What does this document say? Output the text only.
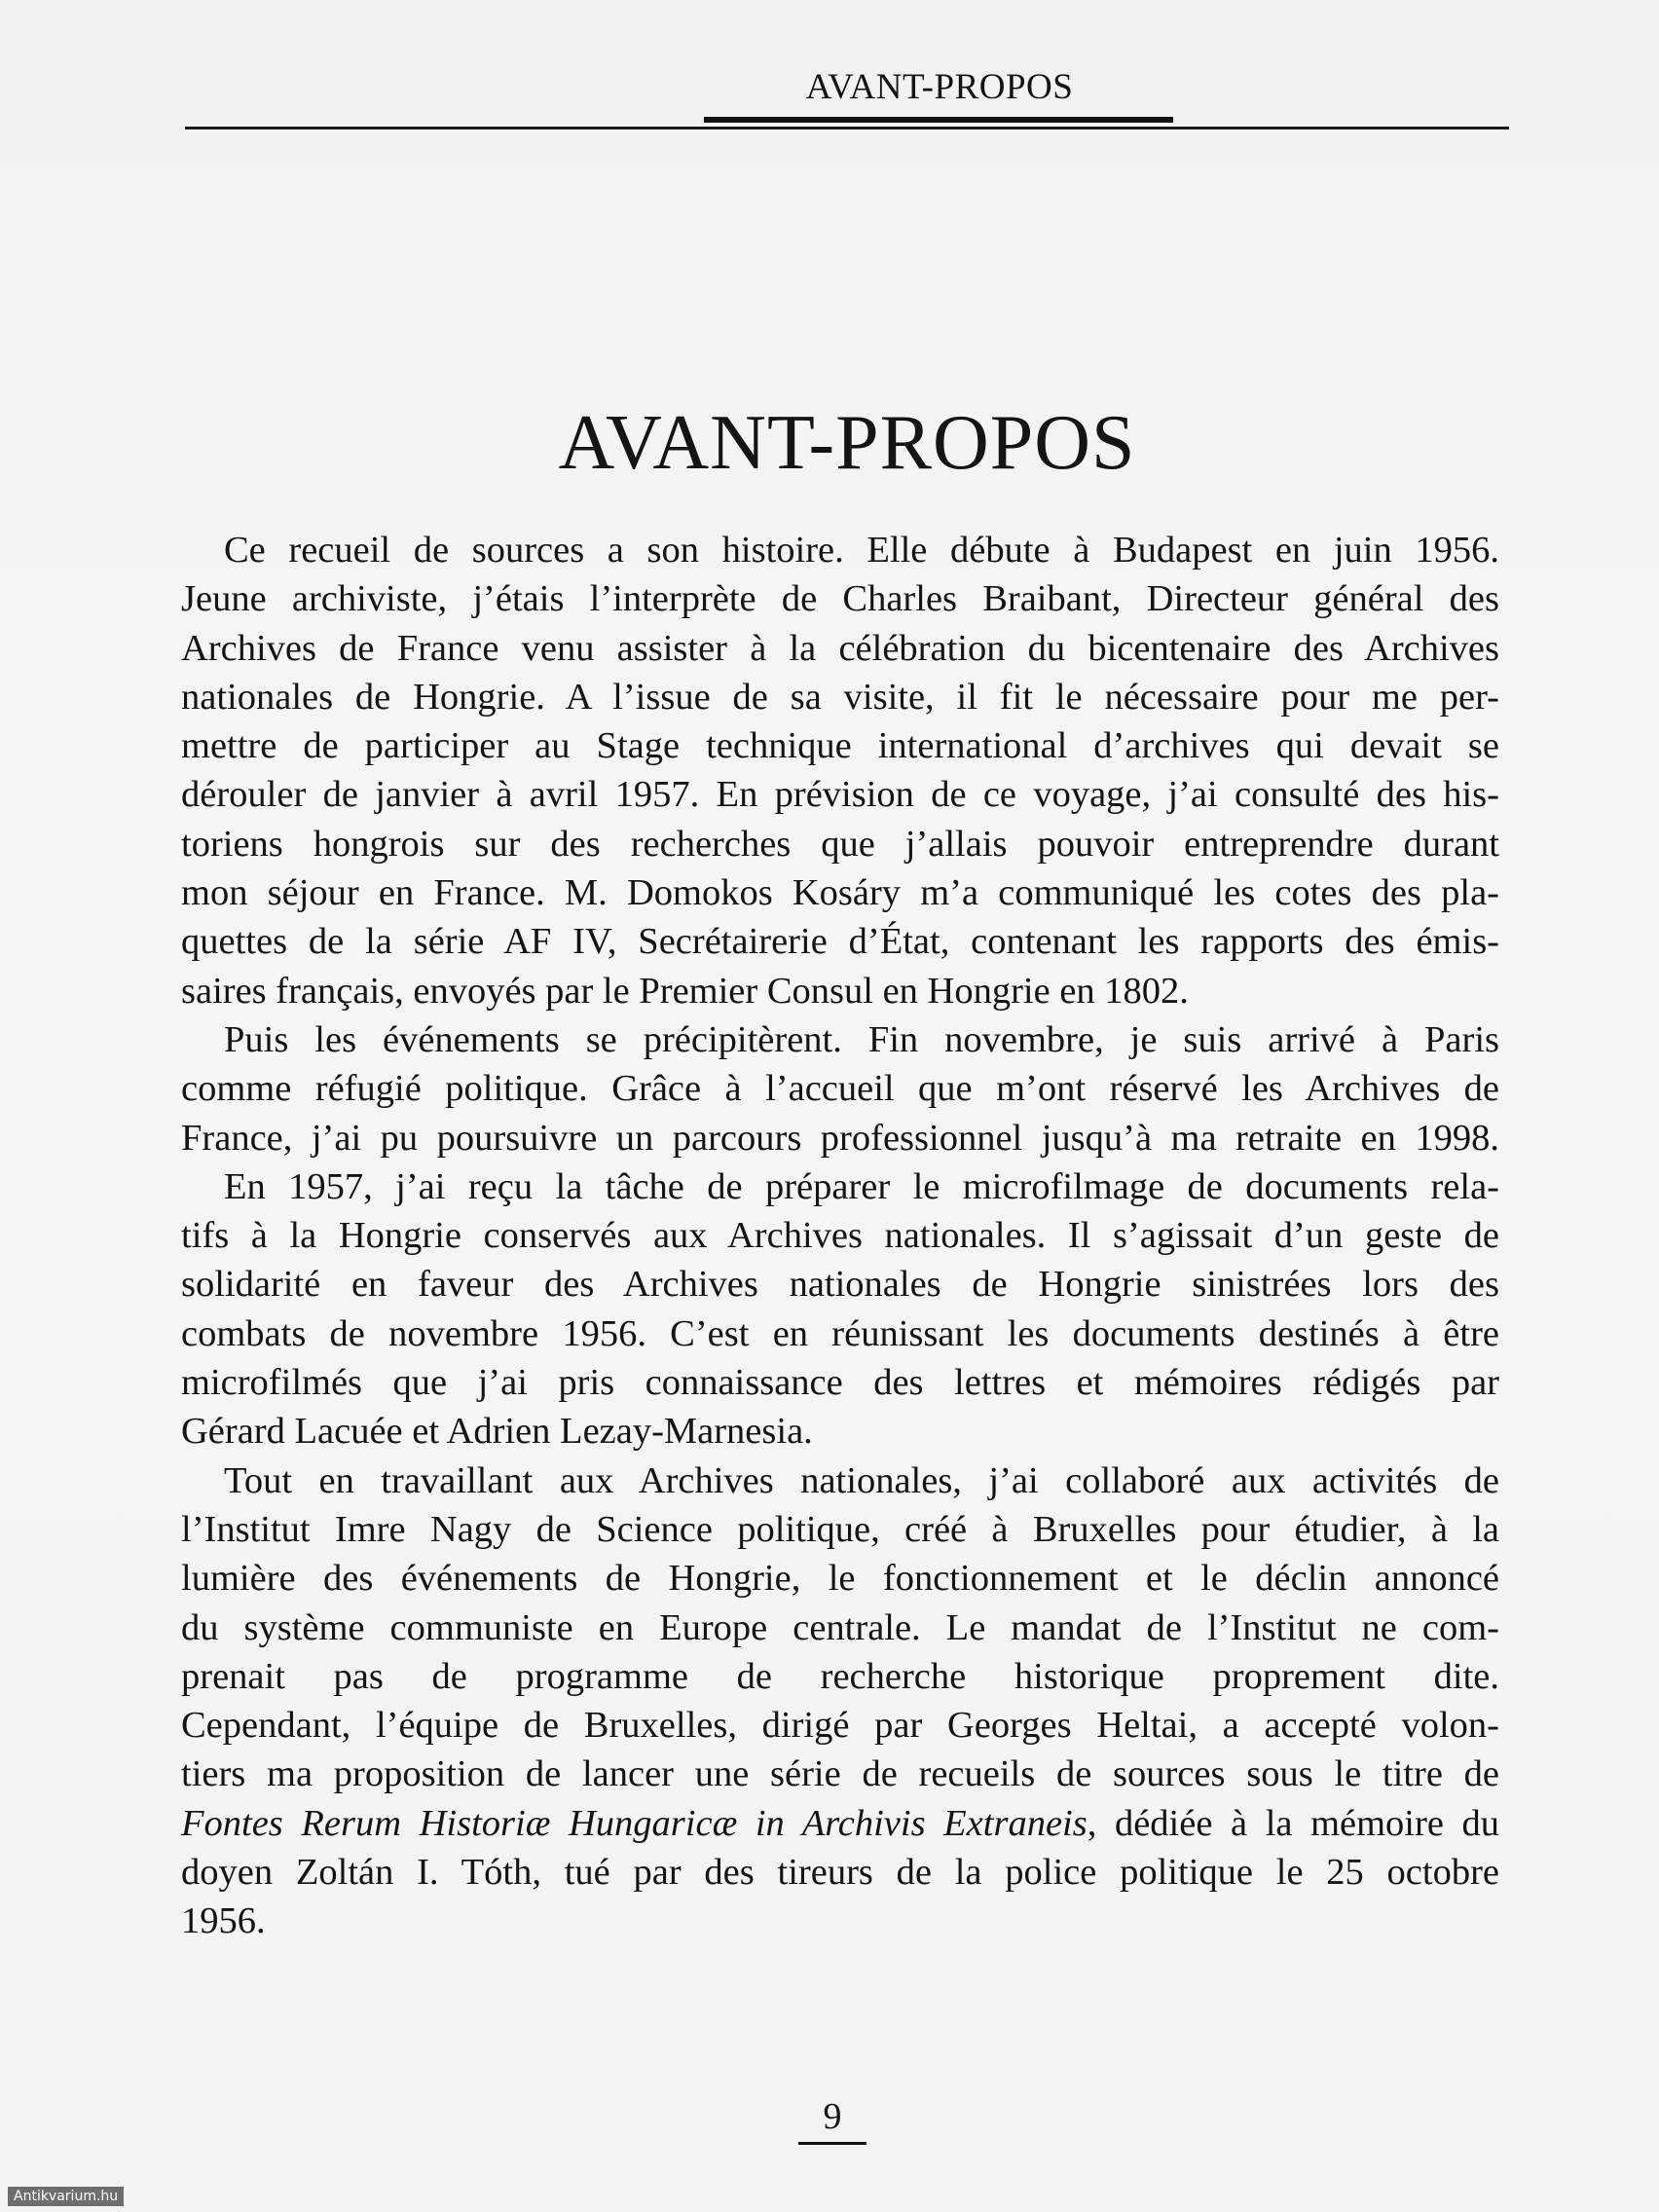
AVANT-PROPOS
AVANT-PROPOS
Ce recueil de sources a son histoire. Elle débute à Budapest en juin 1956.
Jeune archiviste, j’étais l’interprète de Charles Braibant, Directeur général des
Archives de France venu assister à la célébration du bicentenaire des Archives
nationales de Hongrie. A l’issue de sa visite, il fit le nécessaire pour me per-
mettre de participer au Stage technique international d’archives qui devait se
dérouler de janvier à avril 1957. En prévision de ce voyage, j’ai consulté des his-
toriens hongrois sur des recherches que j’allais pouvoir entreprendre durant
mon séjour en France. M. Domokos Kosáry m’a communiqué les cotes des pla-
quettes de la série AF IV, Secrétairerie d’État, contenant les rapports des émis-
saires français, envoyés par le Premier Consul en Hongrie en 1802.
Puis les événements se précipitèrent. Fin novembre, je suis arrivé à Paris
comme réfugié politique. Grâce à l’accueil que m’ont réservé les Archives de
France, j’ai pu poursuivre un parcours professionnel jusqu’à ma retraite en 1998.
En 1957, j’ai reçu la tâche de préparer le microfilmage de documents rela-
tifs à la Hongrie conservés aux Archives nationales. Il s’agissait d’un geste de
solidarité en faveur des Archives nationales de Hongrie sinistrées lors des
combats de novembre 1956. C’est en réunissant les documents destinés à être
microfilmés que j’ai pris connaissance des lettres et mémoires rédigés par
Gérard Lacuée et Adrien Lezay-Marnesia.
Tout en travaillant aux Archives nationales, j’ai collaboré aux activités de
l’Institut Imre Nagy de Science politique, créé à Bruxelles pour étudier, à la
lumière des événements de Hongrie, le fonctionnement et le déclin annoncé
du système communiste en Europe centrale. Le mandat de l’Institut ne com-
prenait pas de programme de recherche historique proprement dite.
Cependant, l’équipe de Bruxelles, dirigé par Georges Heltai, a accepté volon-
tiers ma proposition de lancer une série de recueils de sources sous le titre de
Fontes Rerum Historiæ Hungaricæ in Archivis Extraneis, dédiée à la mémoire du
doyen Zoltán I. Tóth, tué par des tireurs de la police politique le 25 octobre
1956.
9
Antikvarium.hu
